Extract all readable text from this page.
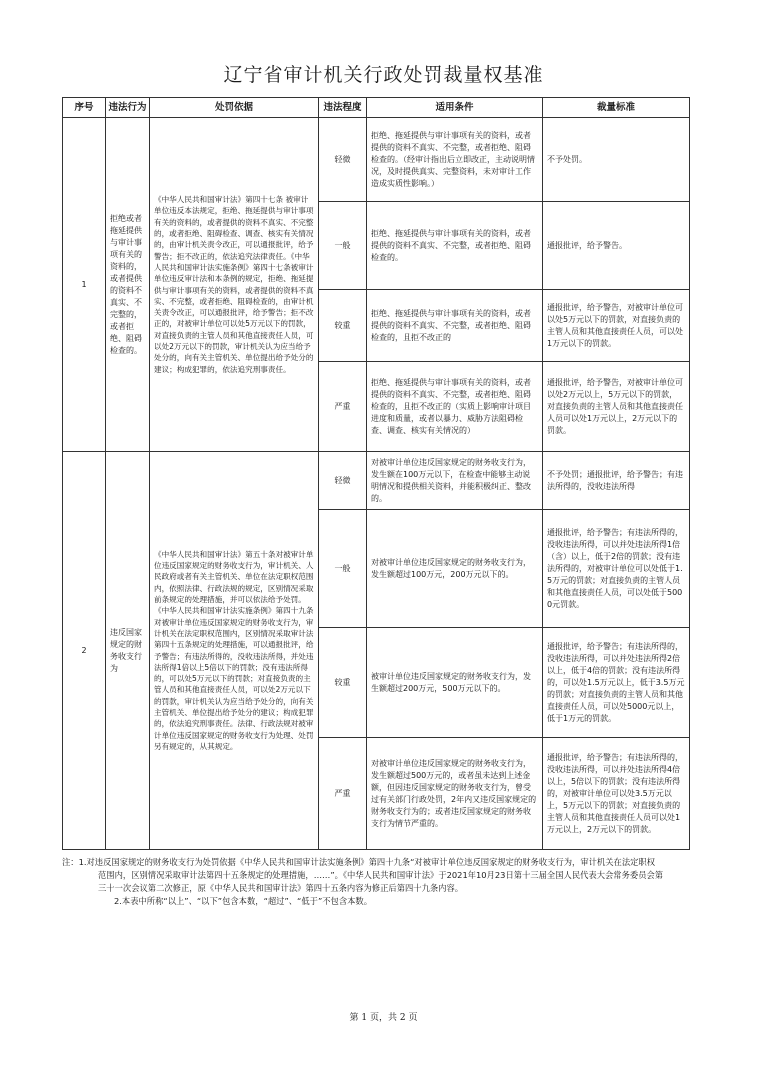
辽宁省审计机关行政处罚裁量权基准
序号	违法行为	处罚依据	违法程度	适用条件	裁量标准
1	拒绝或者拖延提供与审计事项有关的资料的，或者提供的资料不真实、不完整的，或者拒绝、阻碍检查的。	《中华人民共和国审计法》第四十七条 被审计单位违反本法规定，拒绝、拖延提供与审计事项有关的资料的，或者提供的资料不真实、不完整的，或者拒绝、阻碍检查、调查、核实有关情况的，由审计机关责令改正，可以通报批评，给予警告；拒不改正的，依法追究法律责任。《中华人民共和国审计法实施条例》第四十七条被审计单位违反审计法和本条例的规定，拒绝、拖延提供与审计事项有关的资料，或者提供的资料不真实、不完整，或者拒绝、阻碍检查的，由审计机关责令改正，可以通报批评，给予警告；拒不改正的，对被审计单位可以处5万元以下的罚款，对直接负责的主管人员和其他直接责任人员，可以处2万元以下的罚款，审计机关认为应当给予处分的，向有关主管机关、单位提出给予处分的建议；构成犯罪的，依法追究刑事责任。	轻微	拒绝、拖延提供与审计事项有关的资料，或者提供的资料不真实、不完整，或者拒绝、阻碍检查的。（经审计指出后立即改正，主动说明情况，及时提供真实、完整资料，未对审计工作造成实质性影响。）	不予处罚。
			一般	拒绝、拖延提供与审计事项有关的资料，或者提供的资料不真实、不完整，或者拒绝、阻碍检查的。	通报批评，给予警告。
			较重	拒绝、拖延提供与审计事项有关的资料，或者提供的资料不真实、不完整，或者拒绝、阻碍检查的，且拒不改正的	通报批评，给予警告，对被审计单位可以处5万元以下的罚款，对直接负责的主管人员和其他直接责任人员，可以处1万元以下的罚款。
			严重	拒绝、拖延提供与审计事项有关的资料，或者提供的资料不真实、不完整，或者拒绝、阻碍检查的，且拒不改正的（实质上影响审计项目进度和质量，或者以暴力、威胁方法阻碍检查、调查、核实有关情况的）	通报批评，给予警告，对被审计单位可以处2万元以上，5万元以下的罚款，对直接负责的主管人员和其他直接责任人员可以处1万元以上，2万元以下的罚款。
2	违反国家规定的财务收支行为	《中华人民共和国审计法》第五十条对被审计单位违反国家规定的财务收支行为，审计机关、人民政府或者有关主管机关、单位在法定职权范围内，依照法律、行政法规的规定，区别情况采取前条规定的处理措施，并可以依法给予处罚。《中华人民共和国审计法实施条例》第四十九条对被审计单位违反国家规定的财务收支行为，审计机关在法定职权范围内，区别情况采取审计法第四十五条规定的处理措施，可以通报批评，给予警告；有违法所得的，没收违法所得，并处违法所得1倍以上5倍以下的罚款；没有违法所得的，可以处5万元以下的罚款；对直接负责的主管人员和其他直接责任人员，可以处2万元以下的罚款，审计机关认为应当给予处分的，向有关主管机关、单位提出给予处分的建议；构成犯罪的，依法追究刑事责任。法律、行政法规对被审计单位违反国家规定的财务收支行为处理、处罚另有规定的，从其规定。	轻微	对被审计单位违反国家规定的财务收支行为，发生额在100万元以下，在检查中能够主动说明情况和提供相关资料，并能积极纠正、整改的。	不予处罚；通报批评，给予警告；有违法所得的，没收违法所得
			一般	对被审计单位违反国家规定的财务收支行为，发生额超过100万元，200万元以下的。	通报批评，给予警告；有违法所得的，没收违法所得，可以并处违法所得1倍（含）以上，低于2倍的罚款；没有违法所得的，对被审计单位可以处低于1.5万元的罚款；对直接负责的主管人员和其他直接责任人员，可以处低于5000元罚款。
			较重	被审计单位违反国家规定的财务收支行为，发生额超过200万元，500万元以下的。	通报批评，给予警告；有违法所得的，没收违法所得，可以并处违法所得2倍以上，低于4倍的罚款；没有违法所得的，可以处1.5万元以上，低于3.5万元的罚款；对直接负责的主管人员和其他直接责任人员，可以处5000元以上，低于1万元的罚款。
			严重	对被审计单位违反国家规定的财务收支行为，发生额超过500万元的，或者虽未达到上述金额，但因违反国家规定的财务收支行为，曾受过有关部门行政处罚，2年内又违反国家规定的财务收支行为的；或者违反国家规定的财务收支行为情节严重的。	通报批评，给予警告；有违法所得的，没收违法所得，可以并处违法所得4倍以上，5倍以下的罚款；没有违法所得的，对被审计单位可以处3.5万元以上，5万元以下的罚款；对直接负责的主管人员和其他直接责任人员可以处1万元以上，2万元以下的罚款。

注：1.对违反国家规定的财务收支行为处罚依据《中华人民共和国审计法实施条例》第四十九条“对被审计单位违反国家规定的财务收支行为，审计机关在法定职权

范围内，区别情况采取审计法第四十五条规定的处理措施，……”。《中华人民共和国审计法》于2021年10月23日第十三届全国人民代表大会常务委员会第

三十一次会议第二次修正，原《中华人民共和国审计法》第四十五条内容为修正后第四十九条内容。

2.本表中所称“以上”、“以下”包含本数，“超过”、“低于”不包含本数。

第 1 页，共 2 页
